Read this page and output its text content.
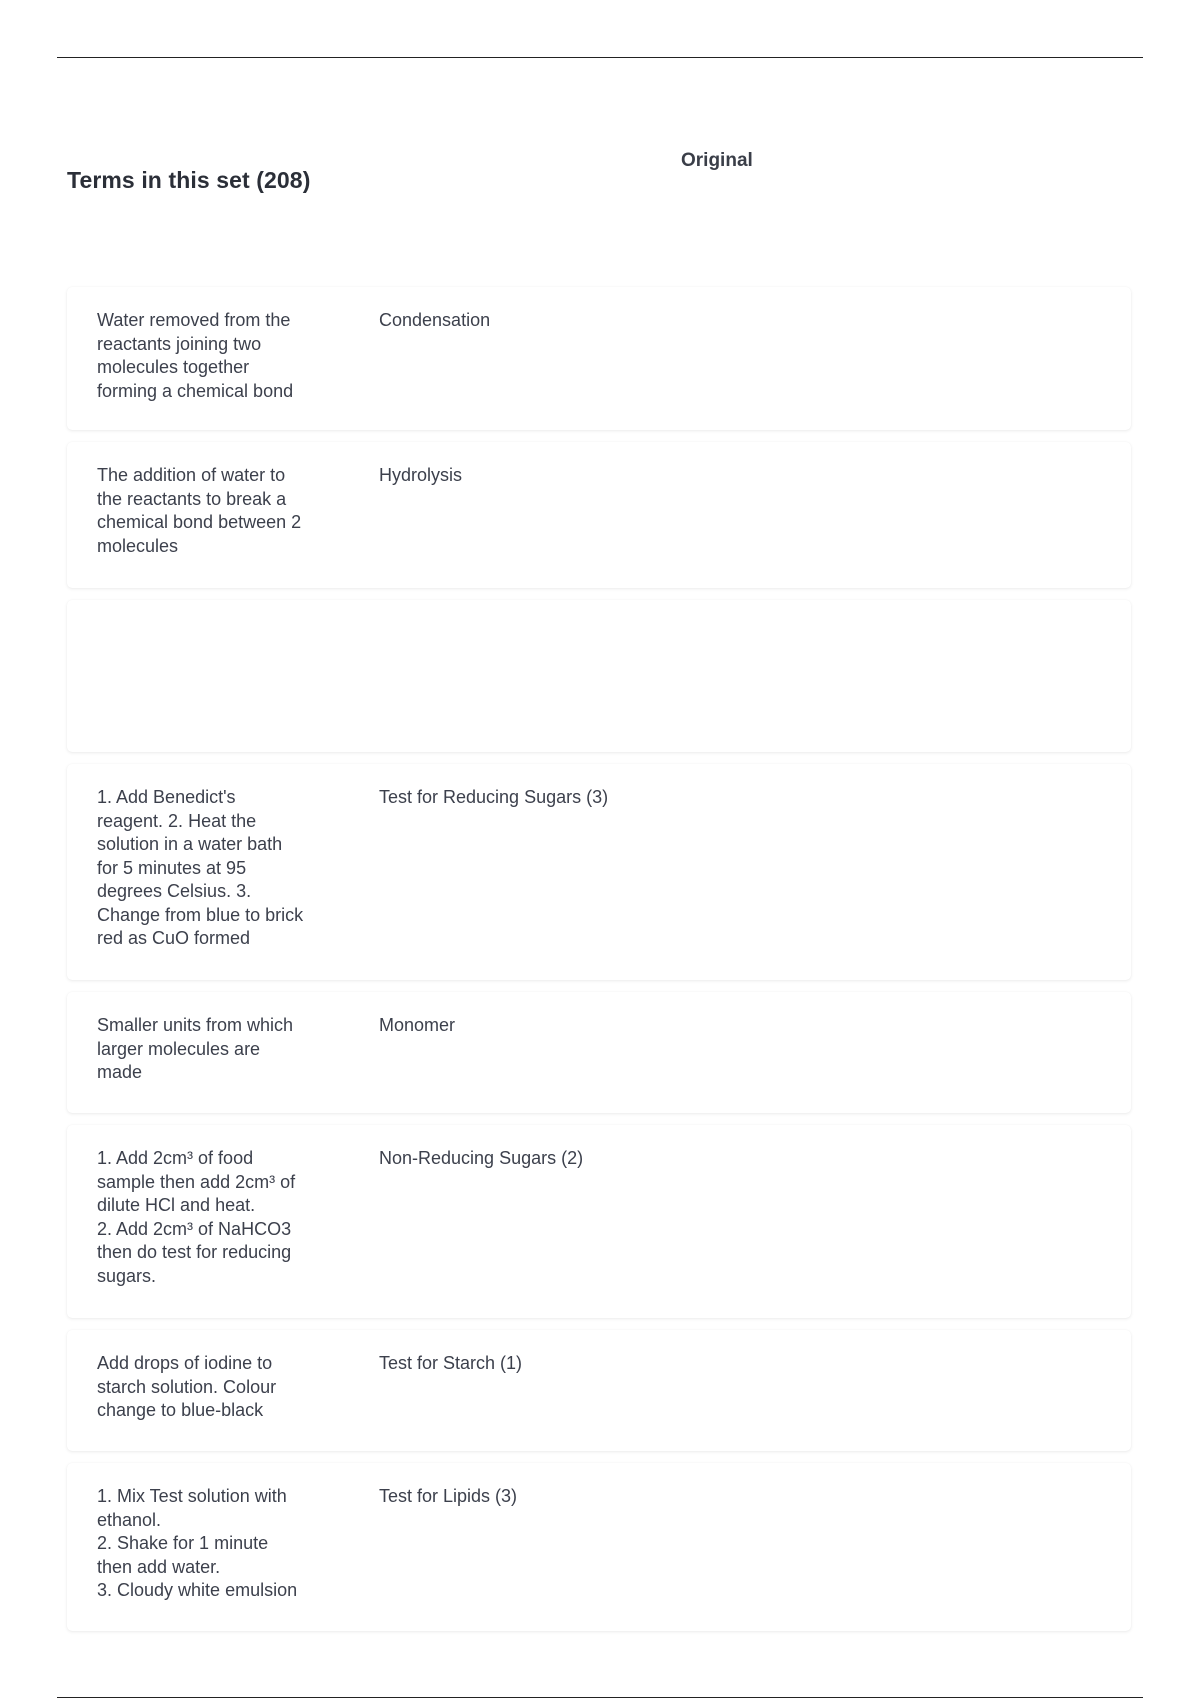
Terms in this set (208)
Original
Water removed from the
reactants joining two
molecules together
forming a chemical bond
Condensation
The addition of water to
the reactants to break a
chemical bond between 2
molecules
Hydrolysis
1. Add Benedict's
reagent. 2. Heat the
solution in a water bath
for 5 minutes at 95
degrees Celsius. 3.
Change from blue to brick
red as CuO formed
Test for Reducing Sugars (3)
Smaller units from which
larger molecules are
made
Monomer
1. Add 2cm³ of food
sample then add 2cm³ of
dilute HCl and heat.
2. Add 2cm³ of NaHCO3
then do test for reducing
sugars.
Non-Reducing Sugars (2)
Add drops of iodine to
starch solution. Colour
change to blue-black
Test for Starch (1)
1. Mix Test solution with
ethanol.
2. Shake for 1 minute
then add water.
3. Cloudy white emulsion
Test for Lipids (3)
